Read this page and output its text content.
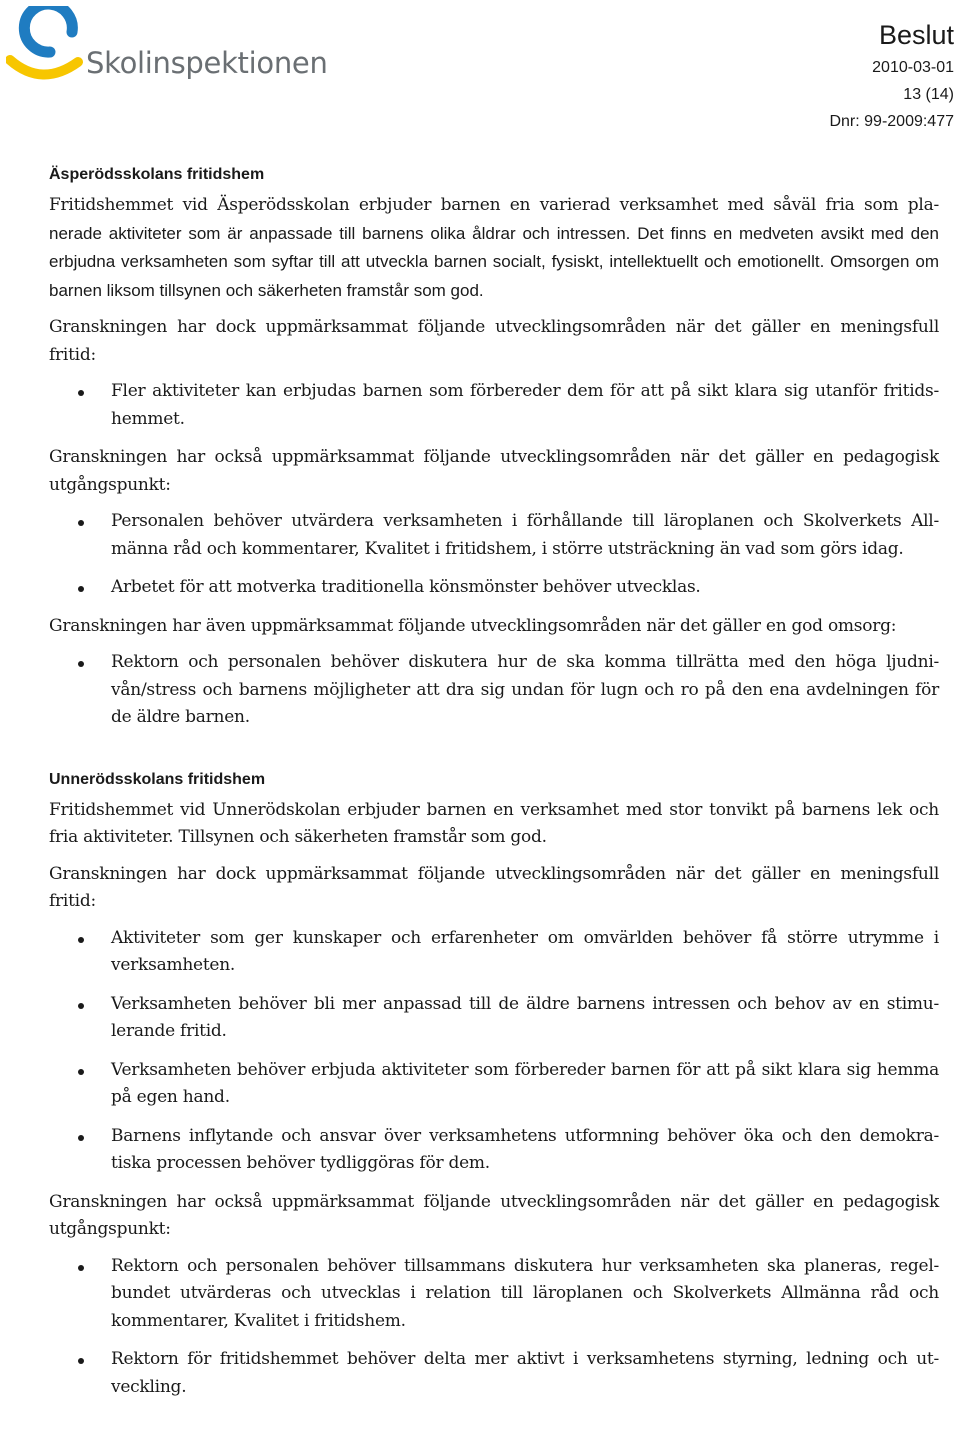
Skolinspektionen
Beslut
2010-03-01
13 (14)
Dnr: 99-2009:477
Äsperödsskolans fritidshem

Fritidshemmet vid Äsperödsskolan erbjuder barnen en varierad verksamhet med såväl fria som pla- nerade aktiviteter som är anpassade till barnens olika åldrar och intressen. Det finns en medveten avsikt med den erbjudna verksamheten som syftar till att utveckla barnen socialt, fysiskt, intellektuellt och emotionellt. Omsorgen om barnen liksom tillsynen och säkerheten framstår som god.

Granskningen har dock uppmärksammat följande utvecklingsområden när det gäller en meningsfull fritid:

Fler aktiviteter kan erbjudas barnen som förbereder dem för att på sikt klara sig utanför fritids-hemmet.

Granskningen har också uppmärksammat följande utvecklingsområden när det gäller en pedagogisk utgångspunkt:

Personalen behöver utvärdera verksamheten i förhållande till läroplanen och Skolverkets All-männa råd och kommentarer, Kvalitet i fritidshem, i större utsträckning än vad som görs idag.
Arbetet för att motverka traditionella könsmönster behöver utvecklas.

Granskningen har även uppmärksammat följande utvecklingsområden när det gäller en god omsorg:

Rektorn och personalen behöver diskutera hur de ska komma tillrätta med den höga ljudni-vån/stress och barnens möjligheter att dra sig undan för lugn och ro på den ena avdelningen för de äldre barnen.
Unnerödsskolans fritidshem

Fritidshemmet vid Unnerödskolan erbjuder barnen en verksamhet med stor tonvikt på barnens lek och fria aktiviteter. Tillsynen och säkerheten framstår som god.

Granskningen har dock uppmärksammat följande utvecklingsområden när det gäller en meningsfull fritid:

Aktiviteter som ger kunskaper och erfarenheter om omvärlden behöver få större utrymme i verksamheten.
Verksamheten behöver bli mer anpassad till de äldre barnens intressen och behov av en stimu-lerande fritid.
Verksamheten behöver erbjuda aktiviteter som förbereder barnen för att på sikt klara sig hemma på egen hand.
Barnens inflytande och ansvar över verksamhetens utformning behöver öka och den demokra-tiska processen behöver tydliggöras för dem.

Granskningen har också uppmärksammat följande utvecklingsområden när det gäller en pedagogisk utgångspunkt:

Rektorn och personalen behöver tillsammans diskutera hur verksamheten ska planeras, regel-bundet utvärderas och utvecklas i relation till läroplanen och Skolverkets Allmänna råd och kommentarer, Kvalitet i fritidshem.
Rektorn för fritidshemmet behöver delta mer aktivt i verksamhetens styrning, ledning och ut-veckling.
